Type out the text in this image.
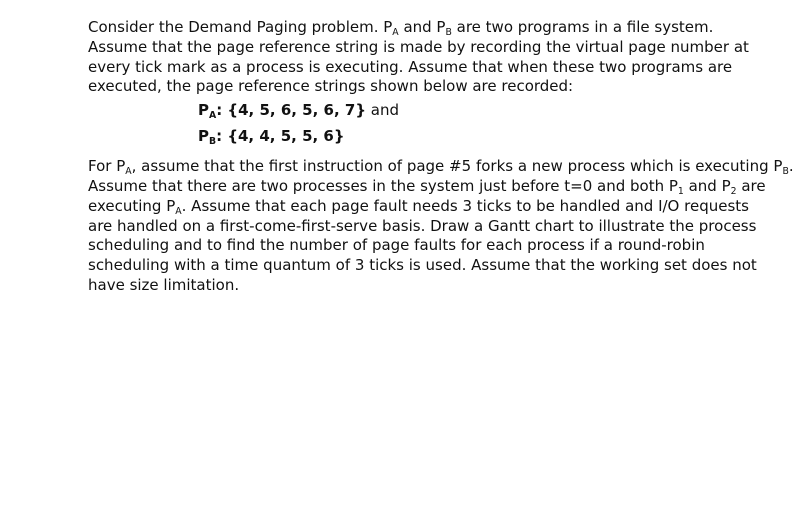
Consider the Demand Paging problem. PA and PB are two programs in a file system.
Assume that the page reference string is made by recording the virtual page number at
every tick mark as a process is executing. Assume that when these two programs are
executed, the page reference strings shown below are recorded:

PA: {4, 5, 6, 5, 6, 7} and
PB: {4, 4, 5, 5, 6}

For PA, assume that the first instruction of page #5 forks a new process which is executing PB.
Assume that there are two processes in the system just before t=0 and both P1 and P2 are
executing PA. Assume that each page fault needs 3 ticks to be handled and I/O requests
are handled on a first-come-first-serve basis. Draw a Gantt chart to illustrate the process
scheduling and to find the number of page faults for each process if a round-robin
scheduling with a time quantum of 3 ticks is used. Assume that the working set does not
have size limitation.
